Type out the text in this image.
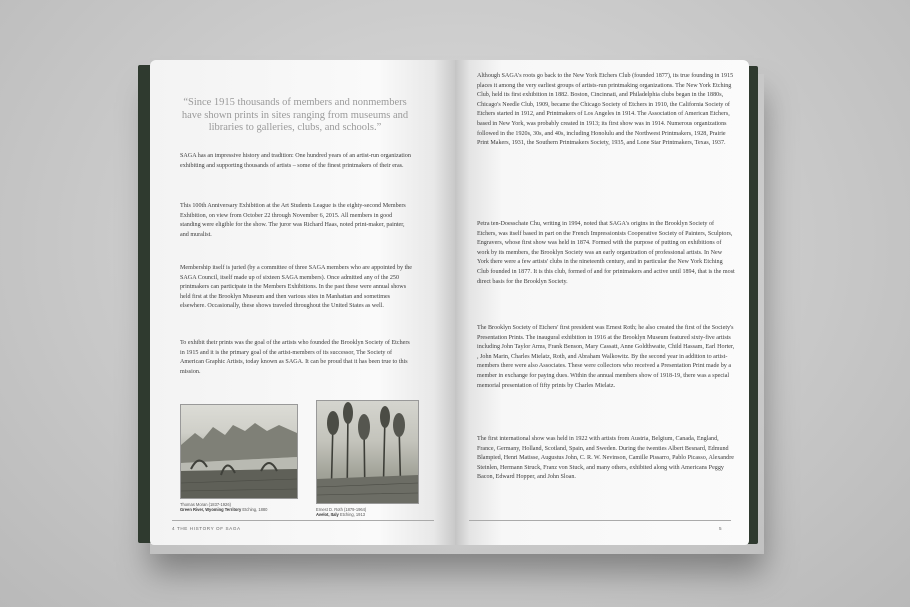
“Since 1915 thousands of members and nonmembers have shown prints in sites ranging from museums and libraries to galleries, clubs, and schools.”

SAGA has an impressive history and tradition: One hundred years of an artist-run organization exhibiting and supporting thousands of artists – some of the finest printmakers of their eras.

This 100th Anniversary Exhibition at the Art Students League is the eighty-second Members Exhibition, on view from October 22 through November 6, 2015. All members in good standing were eligible for the show. The juror was Richard Haas, noted print-maker, painter, and muralist.

Membership itself is juried (by a committee of three SAGA members who are appointed by the SAGA Council, itself made up of sixteen SAGA members). Once admitted any of the 250 printmakers can participate in the Members Exhibitions. In the past these were annual shows held first at the Brooklyn Museum and then various sites in Manhattan and sometimes elsewhere. Occasionally, these shows traveled throughout the United States as well.

To exhibit their prints was the goal of the artists who founded the Brooklyn Society of Etchers in 1915 and it is the primary goal of the artist-members of its successor, The Society of American Graphic Artists, today known as SAGA. It can be proud that it has been true to this mission.

Thomas Moran (1837-1926)
Green River, Wyoming Territory Etching, 1880	Ernest D. Roth (1879-1964)
Avelot, Italy Etching, 1913
4 THE HISTORY OF SAGA

Although SAGA's roots go back to the New York Etchers Club (founded 1877), its true founding in 1915 places it among the very earliest groups of artists-run printmaking organizations. The New York Etching Club, held its first exhibition in 1882. Boston, Cincinnati, and Philadelphia clubs began in the 1880s, Chicago's Needle Club, 1909, became the Chicago Society of Etchers in 1910, the California Society of Etchers started in 1912, and Printmakers of Los Angeles in 1914. The Association of American Etchers, based in New York, was probably created in 1913; its first show was in 1914. Numerous organizations followed in the 1920s, 30s, and 40s, including Honolulu and the Northwest Printmakers, 1928, Prairie Print Makers, 1931, the Southern Printmakers Society, 1935, and Lone Star Printmakers, Texas, 1937.

Petra ten-Doesschate Chu, writing in 1994, noted that SAGA's origins in the Brooklyn Society of Etchers, was itself based in part on the French Impressionists Cooperative Society of Painters, Sculptors, Engravers, whose first show was held in 1874. Formed with the purpose of putting on exhibitions of work by its members, the Brooklyn Society was an early organization of professional artists. In New York there were a few artists' clubs in the nineteenth century, and in particular the New York Etching Club founded in 1877. It is this club, formed of and for printmakers and active until 1894, that is the most direct basis for the Brooklyn Society.

The Brooklyn Society of Etchers' first president was Ernest Roth; he also created the first of the Society's Presentation Prints. The inaugural exhibition in 1916 at the Brooklyn Museum featured sixty-five artists including John Taylor Arms, Frank Benson, Mary Cassatt, Anne Goldthwaite, Child Hassam, Earl Horter, , John Marin, Charles Mielatz, Roth, and Abraham Walkowitz. By the second year in addition to artist-members there were also Associates. These were collectors who received a Presentation Print made by a member in exchange for paying dues. Within the annual members show of 1918-19, there was a special memorial presentation of fifty prints by Charles Mielatz.

The first international show was held in 1922 with artists from Austria, Belgium, Canada, England, France, Germany, Holland, Scotland, Spain, and Sweden. During the twenties Albert Besnard, Edmund Blampied, Henri Matisse, Augustus John, C. R. W. Nevinson, Camille Pissarro, Pablo Picasso, Alexandre Steinlen, Hermann Struck, Franz von Stuck, and many others, exhibited along with Americans Peggy Bacon, Edward Hopper, and John Sloan.

5
